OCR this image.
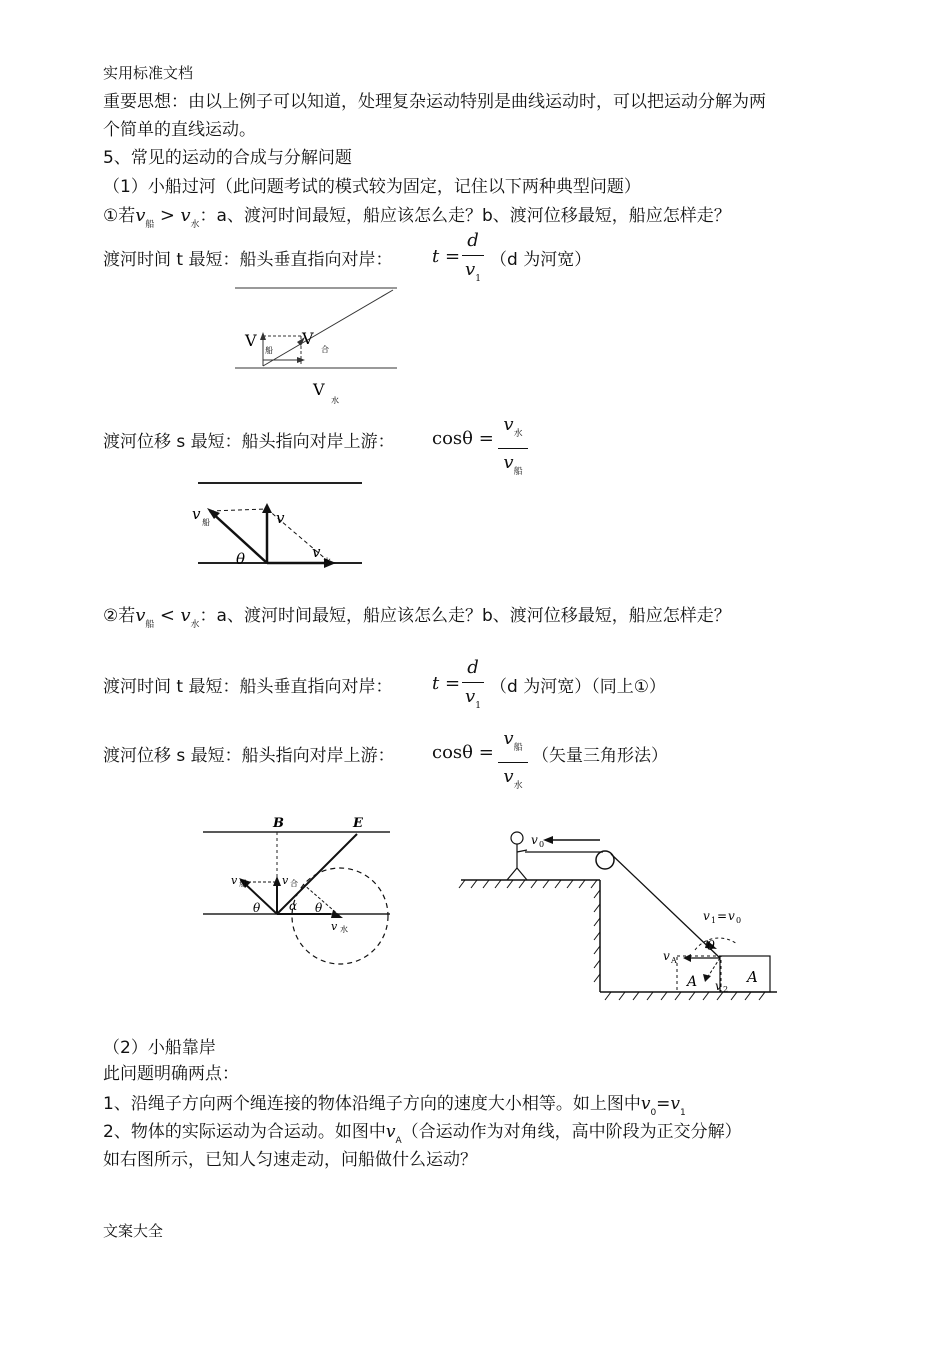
实用标准文档
重要思想：由以上例子可以知道，处理复杂运动特别是曲线运动时，可以把运动分解为两
个简单的直线运动。
5、常见的运动的合成与分解问题
（1）小船过河（此问题考试的模式较为固定，记住以下两种典型问题）
①若$v_船 > v_水$：a、渡河时间最短，船应该怎么走？b、渡河位移最短，船应怎样走？
渡河时间 t 最短：船头垂直指向对岸： t =
d
$v_1$
（d 为河宽）
V
船
V
合
V
水
渡河位移 s 最短：船头指向对岸上游： cosθ =
$v_水$
$v_船$
v 船	v
v
水
θ
②若$v_船 < v_水$：a、渡河时间最短，船应该怎么走？b、渡河位移最短，船应怎样走？
渡河时间 t 最短：船头垂直指向对岸： t =
d
$v_1$
（d 为河宽）（同上①）
渡河位移 s 最短：船头指向对岸上游： cosθ =
$v_船$
$v_水$
（矢量三角形法）
B	E
v 船	v 合
θ α θ
v 水
v 0
v 1 = v 0
A
A
v A
v 2
θ
（2）小船靠岸
此问题明确两点：
1、沿绳子方向两个绳连接的物体沿绳子方向的速度大小相等。如上图中$v_0=v_1$
2、物体的实际运动为合运动。如图中$v_A$（合运动作为对角线，高中阶段为正交分解）
如右图所示，已知人匀速走动，问船做什么运动？
文案大全
